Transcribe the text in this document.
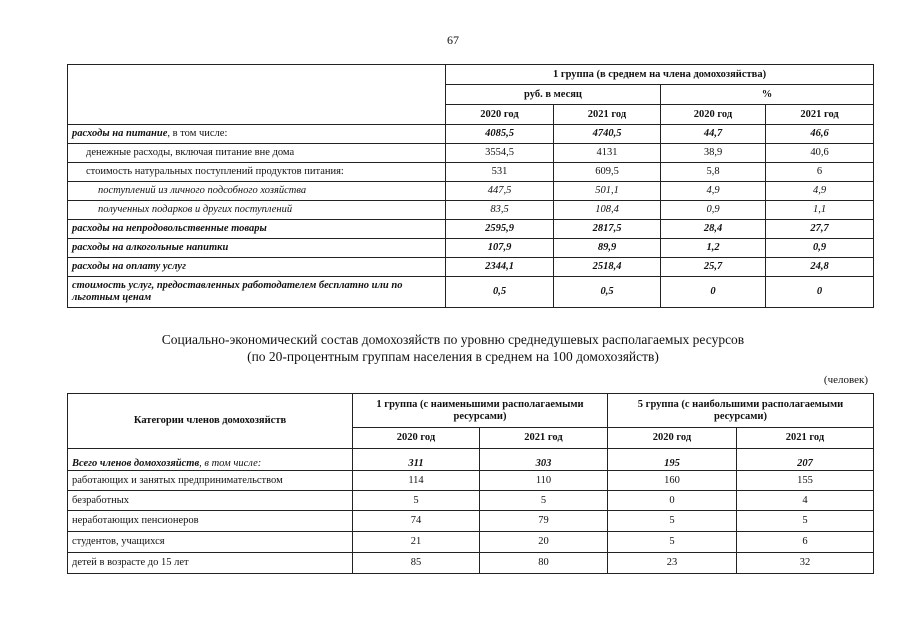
67
	1 группа (в среднем на члена домохозяйства)			
	руб. в месяц		%	
	2020 год	2021 год	2020 год	2021 год
расходы на питание, в том числе:	4085,5	4740,5	44,7	46,6
денежные расходы, включая питание вне дома	3554,5	4131	38,9	40,6
стоимость натуральных поступлений продуктов питания:	531	609,5	5,8	6
поступлений из личного подсобного хозяйства	447,5	501,1	4,9	4,9
полученных подарков и других поступлений	83,5	108,4	0,9	1,1
расходы на непродовольственные товары	2595,9	2817,5	28,4	27,7
расходы на алкогольные напитки	107,9	89,9	1,2	0,9
расходы на оплату услуг	2344,1	2518,4	25,7	24,8
стоимость услуг, предоставленных работодателем бесплатно или по льготным ценам	0,5	0,5	0	0
Социально-экономический состав домохозяйств по уровню среднедушевых располагаемых ресурсов
(по 20-процентным группам населения в среднем на 100 домохозяйств)
(человек)
Категории членов домохозяйств	1 группа (с наименьшими располагаемыми ресурсами)		5 группа (с наибольшими располагаемыми ресурсами)	
	2020 год	2021 год	2020 год	2021 год
Всего членов домохозяйств, в том числе:	311	303	195	207
работающих и занятых предпринимательством	114	110	160	155
безработных	5	5	0	4
неработающих пенсионеров	74	79	5	5
студентов, учащихся	21	20	5	6
детей в возрасте до 15 лет	85	80	23	32
